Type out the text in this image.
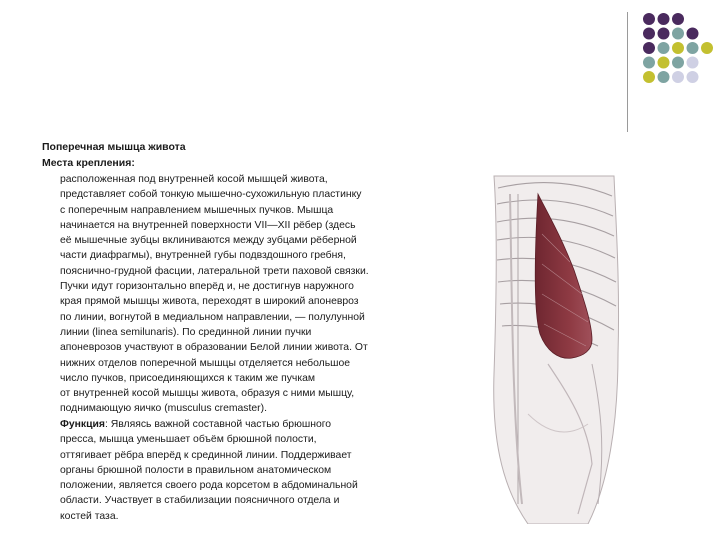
Поперечная мышца живота
Места крепления:
расположенная под внутренней косой мышцей живота,
представляет собой тонкую мышечно-сухожильную пластинку
с поперечным направлением мышечных пучков. Мышца
начинается на внутренней поверхности VII—XII рёбер (здесь
её мышечные зубцы вклиниваются между зубцами рёберной
части диафрагмы), внутренней губы подвздошного гребня,
пояснично-грудной фасции, латеральной трети паховой связки.
Пучки идут горизонтально вперёд и, не достигнув наружного
края прямой мышцы живота, переходят в широкий апоневроз
по линии, вогнутой в медиальном направлении, — полулунной
линии (linea semilunaris). По срединной линии пучки
апоневрозов участвуют в образовании Белой линии живота. От
нижних отделов поперечной мышцы отделяется небольшое
число пучков, присоединяющихся к таким же пучкам
от внутренней косой мышцы живота, образуя с ними мышцу,
поднимающую яичко (musculus cremaster).
Функция: Являясь важной составной частью брюшного
пресса, мышца уменьшает объём брюшной полости,
оттягивает рёбра вперёд к срединной линии. Поддерживает
органы брюшной полости в правильном анатомическом
положении, является своего рода корсетом в абдоминальной
области. Участвует в стабилизации поясничного отдела и
костей таза.
